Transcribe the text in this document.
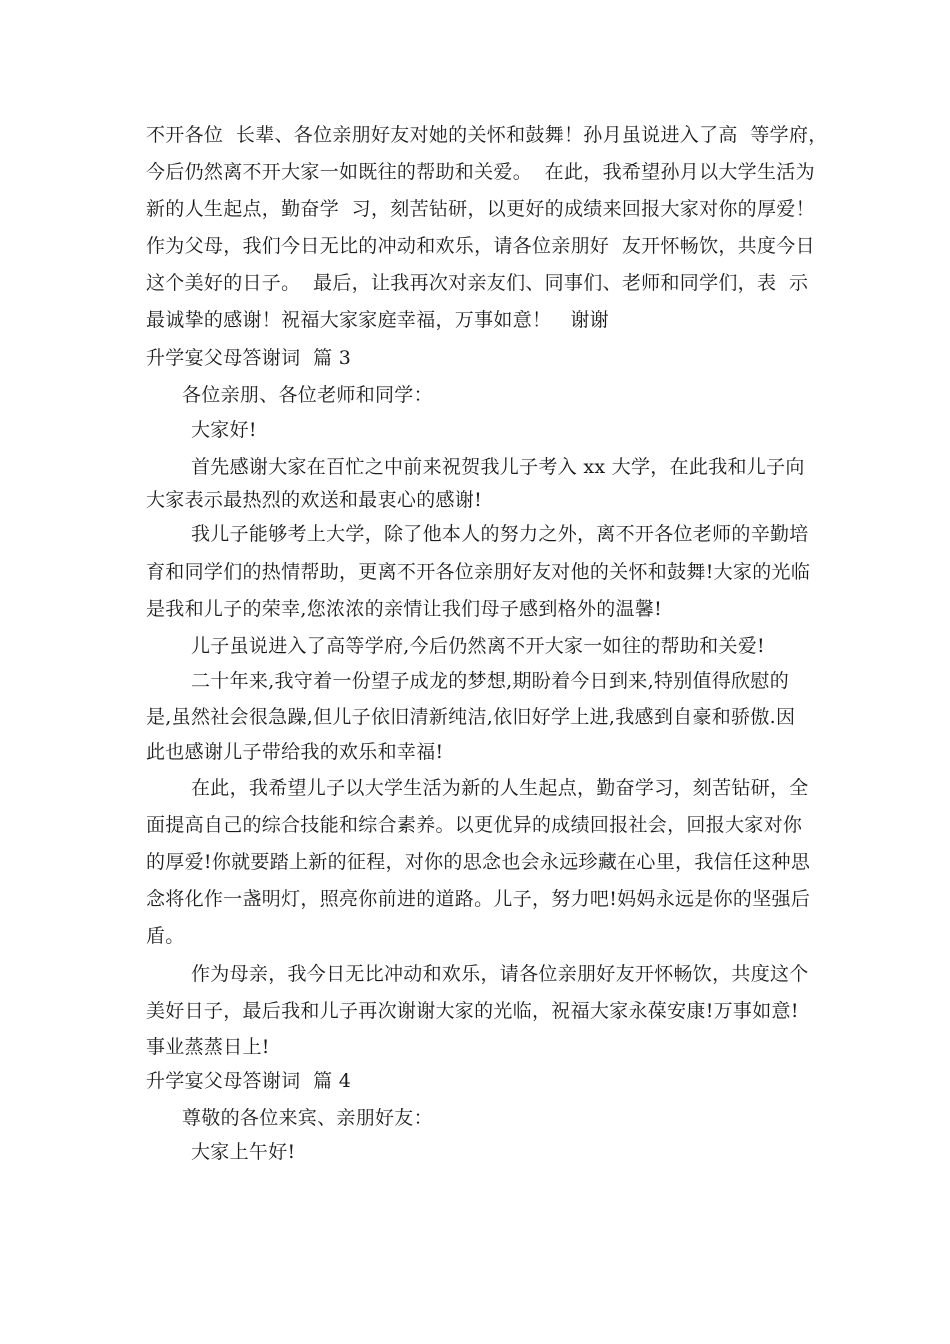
不开各位  长辈、各位亲朋好友对她的关怀和鼓舞！孙月虽说进入了高  等学府，
今后仍然离不开大家一如既往的帮助和关爱。  在此，我希望孙月以大学生活为
新的人生起点，勤奋学  习，刻苦钻研，以更好的成绩来回报大家对你的厚爱！
作为父母，我们今日无比的冲动和欢乐，请各位亲朋好  友开怀畅饮，共度今日
这个美好的日子。  最后，让我再次对亲友们、同事们、老师和同学们，表  示
最诚挚的感谢！祝福大家家庭幸福，万事如意！   谢谢
升学宴父母答谢词  篇 3
各位亲朋、各位老师和同学：
大家好!
首先感谢大家在百忙之中前来祝贺我儿子考入 xx 大学，在此我和儿子向
大家表示最热烈的欢送和最衷心的感谢!
我儿子能够考上大学，除了他本人的努力之外，离不开各位老师的辛勤培
育和同学们的热情帮助，更离不开各位亲朋好友对他的关怀和鼓舞!大家的光临
是我和儿子的荣幸,您浓浓的亲情让我们母子感到格外的温馨!
儿子虽说进入了高等学府,今后仍然离不开大家一如往的帮助和关爱!
二十年来,我守着一份望子成龙的梦想,期盼着今日到来,特别值得欣慰的
是,虽然社会很急躁,但儿子依旧清新纯洁,依旧好学上进,我感到自豪和骄傲.因
此也感谢儿子带给我的欢乐和幸福!
在此，我希望儿子以大学生活为新的人生起点，勤奋学习，刻苦钻研，全
面提高自己的综合技能和综合素养。以更优异的成绩回报社会，回报大家对你
的厚爱!你就要踏上新的征程，对你的思念也会永远珍藏在心里，我信任这种思
念将化作一盏明灯，照亮你前进的道路。儿子，努力吧!妈妈永远是你的坚强后
盾。
作为母亲，我今日无比冲动和欢乐，请各位亲朋好友开怀畅饮，共度这个
美好日子，最后我和儿子再次谢谢大家的光临，祝福大家永葆安康!万事如意!
事业蒸蒸日上!
升学宴父母答谢词  篇 4
尊敬的各位来宾、亲朋好友：
大家上午好!
